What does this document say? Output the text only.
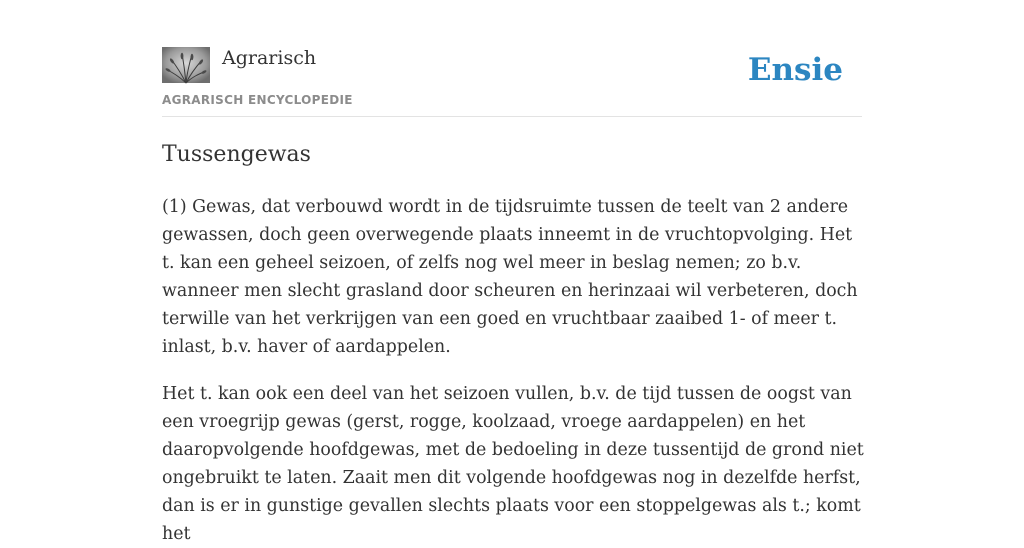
Agrarisch
AGRARISCH ENCYCLOPEDIE
Ensie
Tussengewas

(1) Gewas, dat verbouwd wordt in de tijdsruimte tussen de teelt van 2 andere gewassen, doch geen overwegende plaats inneemt in de vruchtopvolging. Het t. kan een geheel seizoen, of zelfs nog wel meer in beslag nemen; zo b.v. wanneer men slecht grasland door scheuren en herinzaai wil verbeteren, doch terwille van het verkrijgen van een goed en vruchtbaar zaaibed 1- of meer t. inlast, b.v. haver of aardappelen.

Het t. kan ook een deel van het seizoen vullen, b.v. de tijd tussen de oogst van een vroegrijp gewas (gerst, rogge, koolzaad, vroege aardappelen) en het daaropvolgende hoofdgewas, met de bedoeling in deze tussentijd de grond niet ongebruikt te laten. Zaait men dit volgende hoofdgewas nog in dezelfde herfst, dan is er in gunstige gevallen slechts plaats voor een stoppelgewas als t.; komt het
